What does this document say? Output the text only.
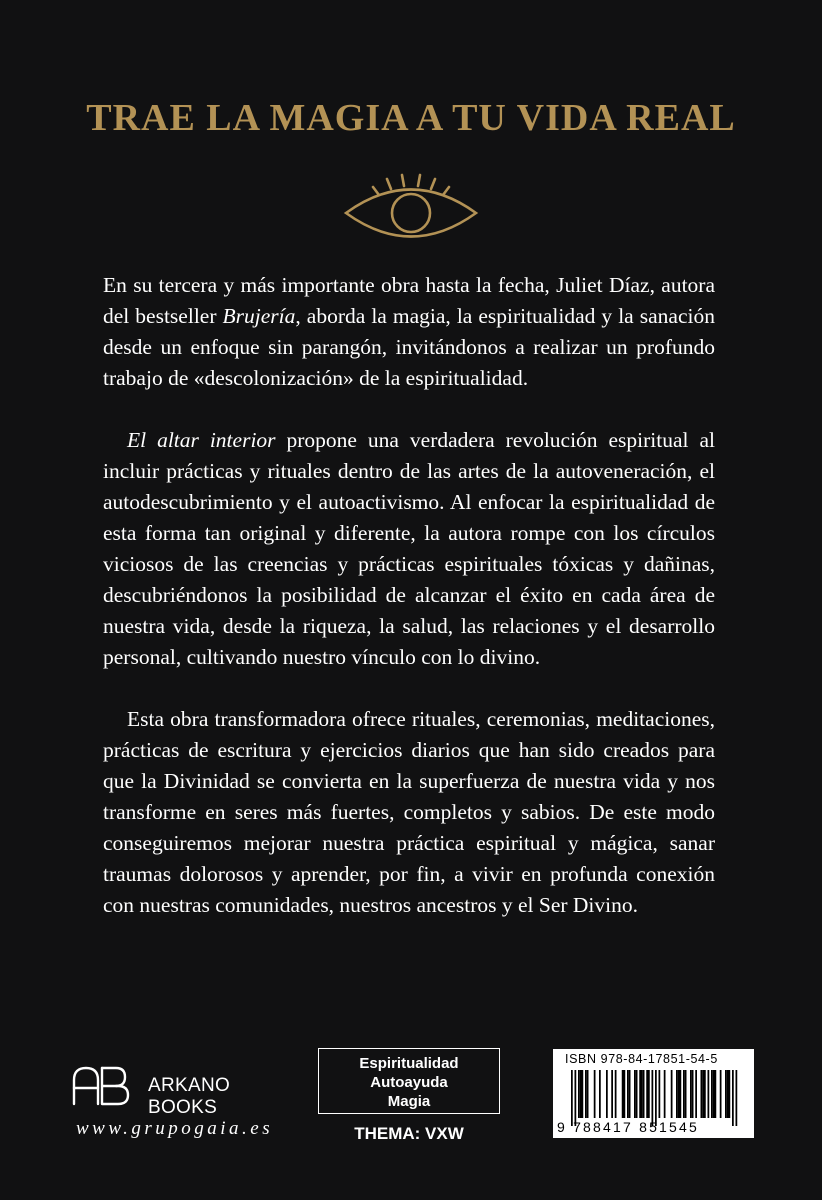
TRAE LA MAGIA A TU VIDA REAL

En su tercera y más importante obra hasta la fecha, Juliet Díaz, autora del bestseller Brujería, aborda la magia, la espiritualidad y la sanación desde un enfoque sin parangón, invitándonos a realizar un profundo trabajo de «descolonización» de la espiritualidad.

El altar interior propone una verdadera revolución espiritual al incluir prácticas y rituales dentro de las artes de la autoveneración, el autodescubrimiento y el autoactivismo. Al enfocar la espiritualidad de esta forma tan original y diferente, la autora rompe con los círculos viciosos de las creencias y prácticas espirituales tóxicas y dañinas, descubriéndonos la posibilidad de alcanzar el éxito en cada área de nuestra vida, desde la riqueza, la salud, las relaciones y el desarrollo personal, cultivando nuestro vínculo con lo divino.

Esta obra transformadora ofrece rituales, ceremonias, meditaciones, prácticas de escritura y ejercicios diarios que han sido creados para que la Divinidad se convierta en la superfuerza de nuestra vida y nos transforme en seres más fuertes, completos y sabios. De este modo conseguiremos mejorar nuestra práctica espiritual y mágica, sanar traumas dolorosos y aprender, por fin, a vivir en profunda conexión con nuestras comunidades, nuestros ancestros y el Ser Divino.

ARKANO BOOKS
www.grupogaia.es
Espiritualidad
Autoayuda
Magia
THEMA: VXW
ISBN 978-84-17851-54-5
9 788417 851545
